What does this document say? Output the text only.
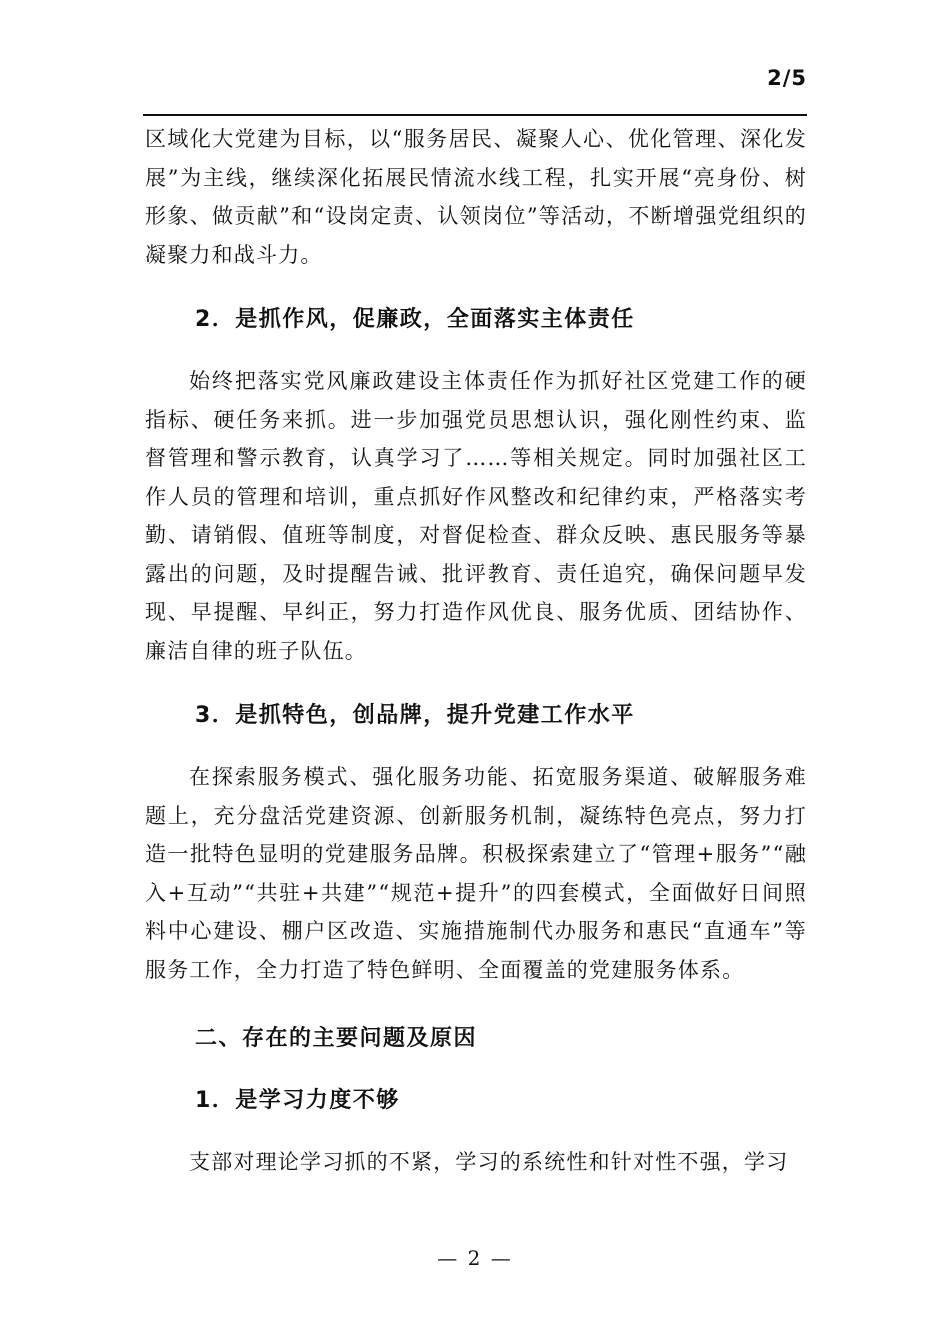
2/5

区域化大党建为目标，以“服务居民、凝聚人心、优化管理、深化发展”为主线，继续深化拓展民情流水线工程，扎实开展“亮身份、树形象、做贡献”和“设岗定责、认领岗位”等活动，不断增强党组织的凝聚力和战斗力。

2．是抓作风，促廉政，全面落实主体责任

始终把落实党风廉政建设主体责任作为抓好社区党建工作的硬指标、硬任务来抓。进一步加强党员思想认识，强化刚性约束、监督管理和警示教育，认真学习了……等相关规定。同时加强社区工作人员的管理和培训，重点抓好作风整改和纪律约束，严格落实考勤、请销假、值班等制度，对督促检查、群众反映、惠民服务等暴露出的问题，及时提醒告诫、批评教育、责任追究，确保问题早发现、早提醒、早纠正，努力打造作风优良、服务优质、团结协作、廉洁自律的班子队伍。

3．是抓特色，创品牌，提升党建工作水平

在探索服务模式、强化服务功能、拓宽服务渠道、破解服务难题上，充分盘活党建资源、创新服务机制，凝练特色亮点，努力打造一批特色显明的党建服务品牌。积极探索建立了“管理+服务”“融入+互动”“共驻+共建”“规范+提升”的四套模式，全面做好日间照料中心建设、棚户区改造、实施措施制代办服务和惠民“直通车”等服务工作，全力打造了特色鲜明、全面覆盖的党建服务体系。

二、存在的主要问题及原因
1．是学习力度不够

支部对理论学习抓的不紧，学习的系统性和针对性不强，学习

— 2 —
